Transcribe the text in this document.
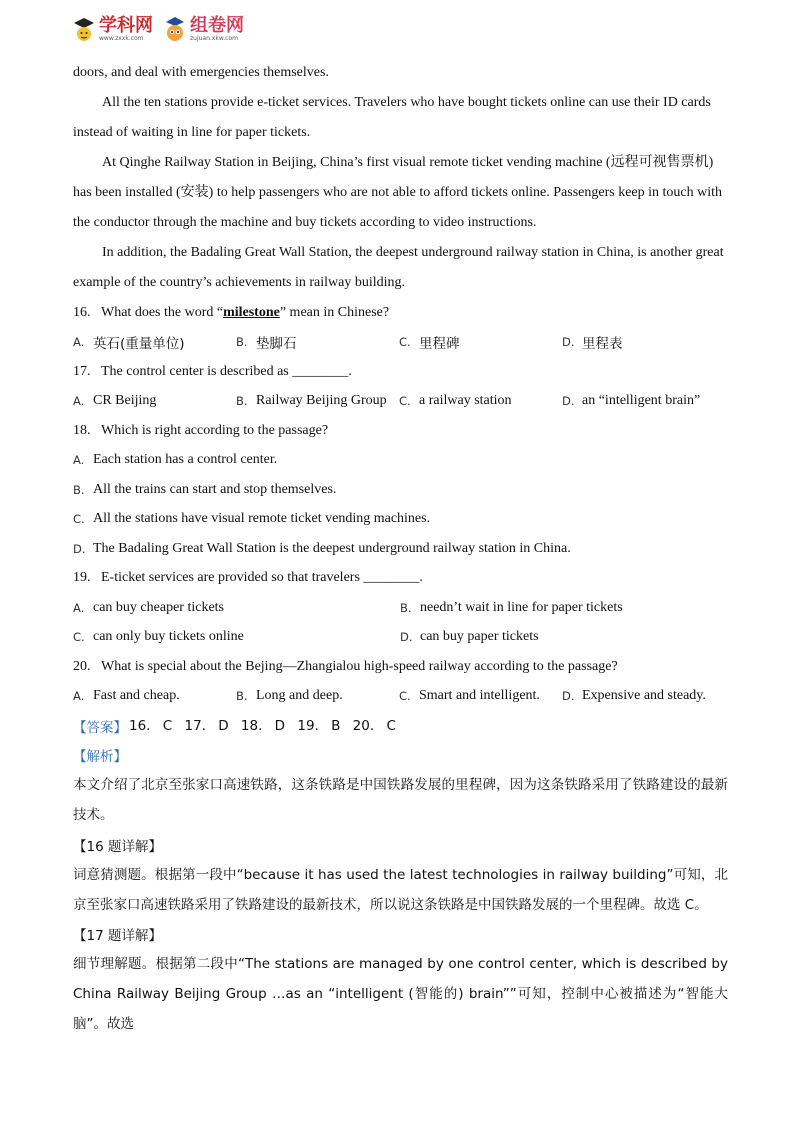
学科网
www.zxxk.com
组卷网
zujuan.xkw.com

doors, and deal with emergencies themselves.

All the ten stations provide e-ticket services. Travelers who have bought tickets online can use their ID cards instead of waiting in line for paper tickets.

At Qinghe Railway Station in Beijing, China’s first visual remote ticket vending machine (远程可视售票机) has been installed (安装) to help passengers who are not able to afford tickets online. Passengers keep in touch with the conductor through the machine and buy tickets according to video instructions.

In addition, the Badaling Great Wall Station, the deepest underground railway station in China, is another great example of the country’s achievements in railway building.

16. What does the word “milestone” mean in Chinese?
A. 英石(重量单位)	B. 垫脚石	C. 里程碑	D. 里程表
17. The control center is described as ________.
A. CR Beijing	B. Railway Beijing Group C. a railway station	D. an “intelligent brain”
18. Which is right according to the passage?
A. Each station has a control center.
B. All the trains can start and stop themselves.
C. All the stations have visual remote ticket vending machines.
D. The Badaling Great Wall Station is the deepest underground railway station in China.
19. E-ticket services are provided so that travelers ________.
A. can buy cheaper tickets	B. needn’t wait in line for paper tickets
C. can only buy tickets online	D. can buy paper tickets
20. What is special about the Bejing—Zhangialou high-speed railway according to the passage?
A. Fast and cheap.	B. Long and deep.	C. Smart and intelligent. D. Expensive and steady.
【答案】 16. C 17. D 18. D 19. B 20. C
【解析】

本文介绍了北京至张家口高速铁路，这条铁路是中国铁路发展的里程碑，因为这条铁路采用了铁路建设的最新技术。

【16 题详解】

词意猜测题。根据第一段中“because it has used the latest technologies in railway building”可知，北京至张家口高速铁路采用了铁路建设的最新技术，所以说这条铁路是中国铁路发展的一个里程碑。故选 C。

【17 题详解】

细节理解题。根据第二段中“The stations are managed by one control center, which is described by China Railway Beijing Group …as an “intelligent (智能的) brain””可知，控制中心被描述为“智能大脑”。故选
